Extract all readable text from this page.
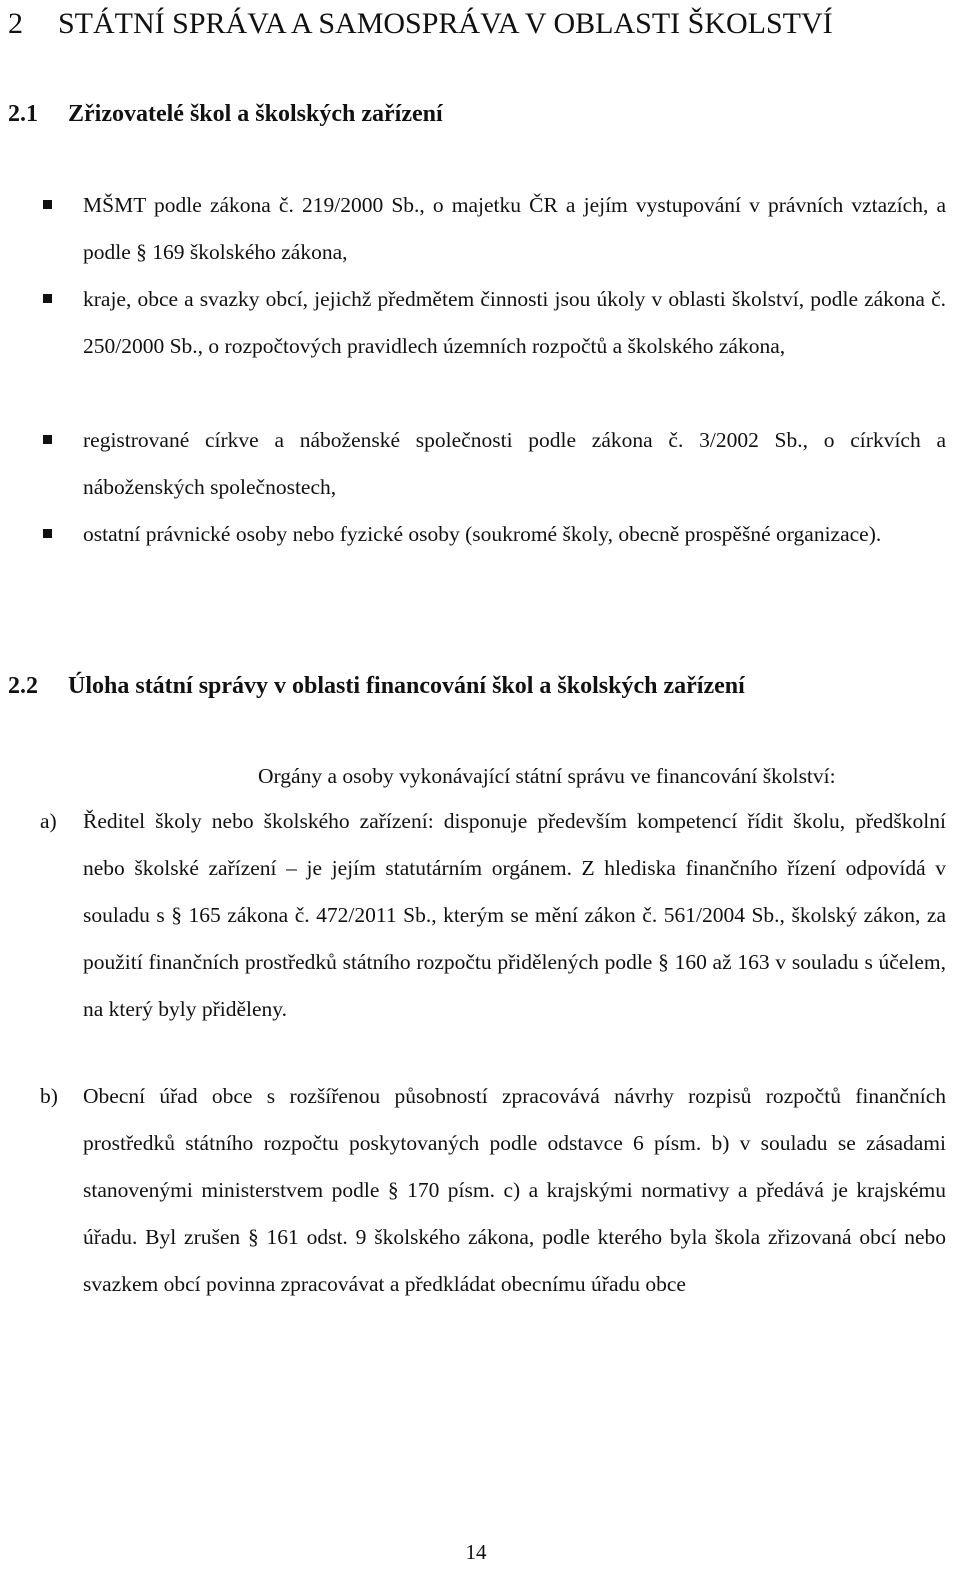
2 STÁTNÍ SPRÁVA A SAMOSPRÁVA V OBLASTI ŠKOLSTVÍ
2.1 Zřizovatelé škol a školských zařízení
MŠMT podle zákona č. 219/2000 Sb., o majetku ČR a jejím vystupování v právních vztazích, a podle § 169 školského zákona,
kraje, obce a svazky obcí, jejichž předmětem činnosti jsou úkoly v oblasti školství, podle zákona č. 250/2000 Sb., o rozpočtových pravidlech územních rozpočtů a školského zákona,
registrované církve a náboženské společnosti podle zákona č. 3/2002 Sb., o církvích a náboženských společnostech,
ostatní právnické osoby nebo fyzické osoby (soukromé školy, obecně prospěšné organizace).
2.2 Úloha státní správy v oblasti financování škol a školských zařízení
Orgány a osoby vykonávající státní správu ve financování školství:
a) Ředitel školy nebo školského zařízení: disponuje především kompetencí řídit školu, předškolní nebo školské zařízení – je jejím statutárním orgánem. Z hlediska finančního řízení odpovídá v souladu s § 165 zákona č. 472/2011 Sb., kterým se mění zákon č. 561/2004 Sb., školský zákon, za použití finančních prostředků státního rozpočtu přidělených podle § 160 až 163 v souladu s účelem, na který byly přiděleny.
b) Obecní úřad obce s rozšířenou působností zpracovává návrhy rozpisů rozpočtů finančních prostředků státního rozpočtu poskytovaných podle odstavce 6 písm. b) v souladu se zásadami stanovenými ministerstvem podle § 170 písm. c) a krajskými normativy a předává je krajskému úřadu. Byl zrušen § 161 odst. 9 školského zákona, podle kterého byla škola zřizovaná obcí nebo svazkem obcí povinna zpracovávat a předkládat obecnímu úřadu obce
14
